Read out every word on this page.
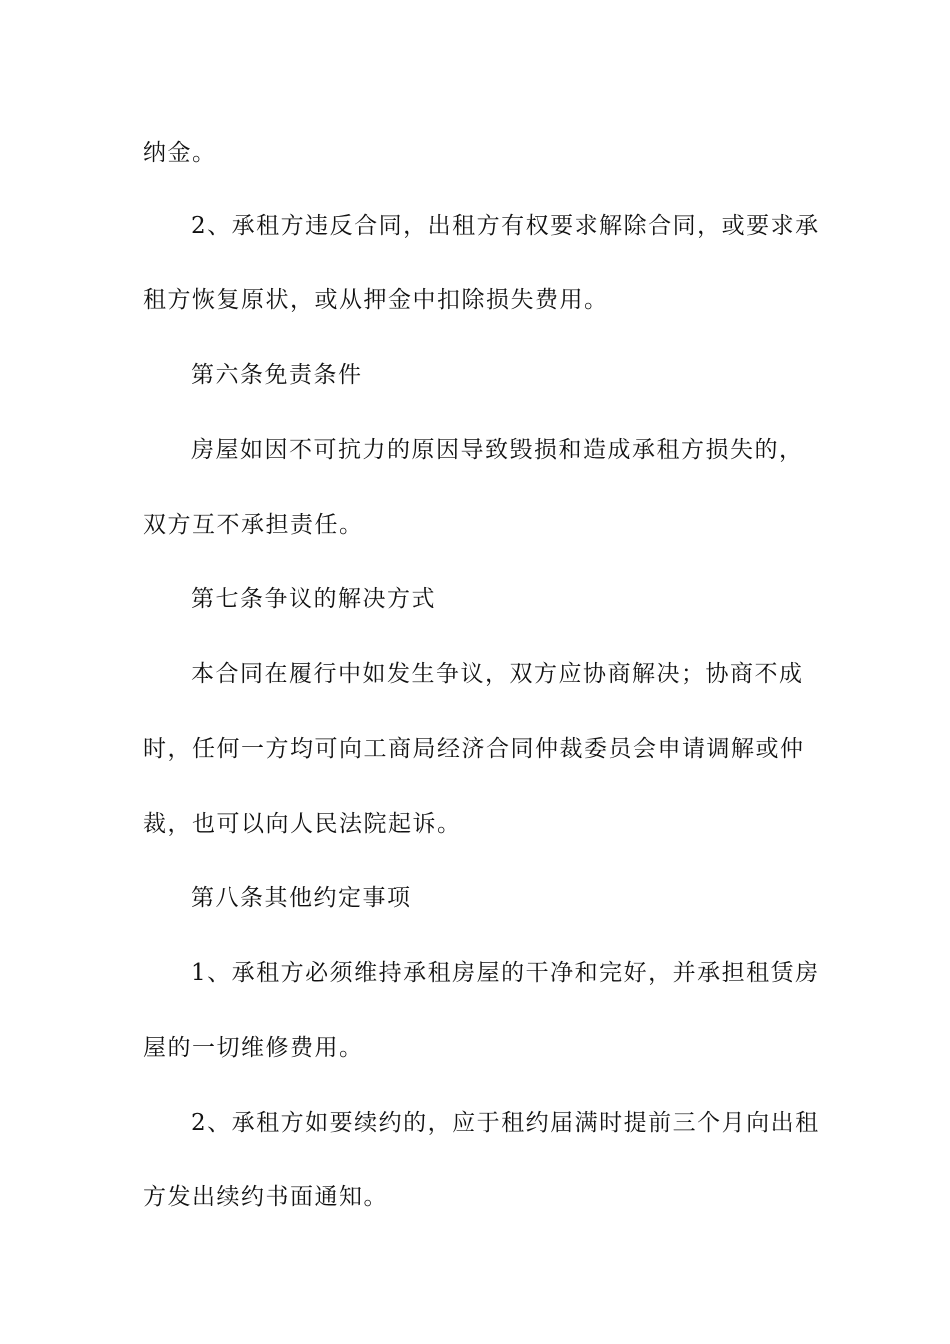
纳金。
2、承租方违反合同，出租方有权要求解除合同，或要求承
租方恢复原状，或从押金中扣除损失费用。
第六条免责条件
房屋如因不可抗力的原因导致毁损和造成承租方损失的，
双方互不承担责任。
第七条争议的解决方式
本合同在履行中如发生争议，双方应协商解决；协商不成
时，任何一方均可向工商局经济合同仲裁委员会申请调解或仲
裁，也可以向人民法院起诉。
第八条其他约定事项
1、承租方必须维持承租房屋的干净和完好，并承担租赁房
屋的一切维修费用。
2、承租方如要续约的，应于租约届满时提前三个月向出租
方发出续约书面通知。
